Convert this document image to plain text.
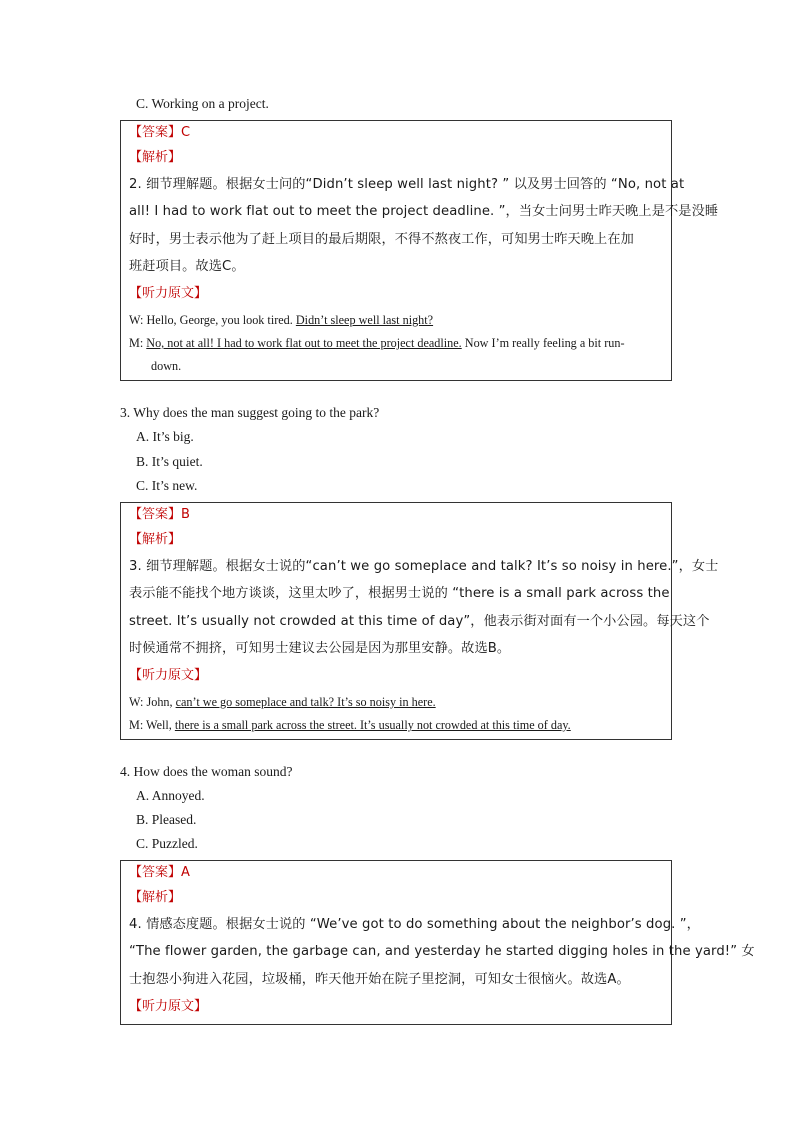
C. Working on a project.
【答案】C
【解析】
2. 细节理解题。根据女士问的“Didn’t sleep well last night? ” 以及男士回答的 “No, not at
all! I had to work flat out to meet the project deadline. ”，当女士问男士昨天晚上是不是没睡
好时，男士表示他为了赶上项目的最后期限，不得不熬夜工作，可知男士昨天晚上在加
班赶项目。故选C。
【听力原文】
W: Hello, George, you look tired. Didn’t sleep well last night?
M: No, not at all! I had to work flat out to meet the project deadline. Now I’m really feeling a bit run-
down.
3. Why does the man suggest going to the park?
A. It’s big.
B. It’s quiet.
C. It’s new.
【答案】B
【解析】
3. 细节理解题。根据女士说的“can’t we go someplace and talk? It’s so noisy in here.”，女士
表示能不能找个地方谈谈，这里太吵了，根据男士说的 “there is a small park across the
street. It’s usually not crowded at this time of day”，他表示街对面有一个小公园。每天这个
时候通常不拥挤，可知男士建议去公园是因为那里安静。故选B。
【听力原文】
W: John, can’t we go someplace and talk? It’s so noisy in here.
M: Well, there is a small park across the street. It’s usually not crowded at this time of day.
4. How does the woman sound?
A. Annoyed.
B. Pleased.
C. Puzzled.
【答案】A
【解析】
4. 情感态度题。根据女士说的 “We’ve got to do something about the neighbor’s dog. ”，
“The flower garden, the garbage can, and yesterday he started digging holes in the yard!” 女
士抱怨小狗进入花园，垃圾桶，昨天他开始在院子里挖洞，可知女士很恼火。故选A。
【听力原文】
